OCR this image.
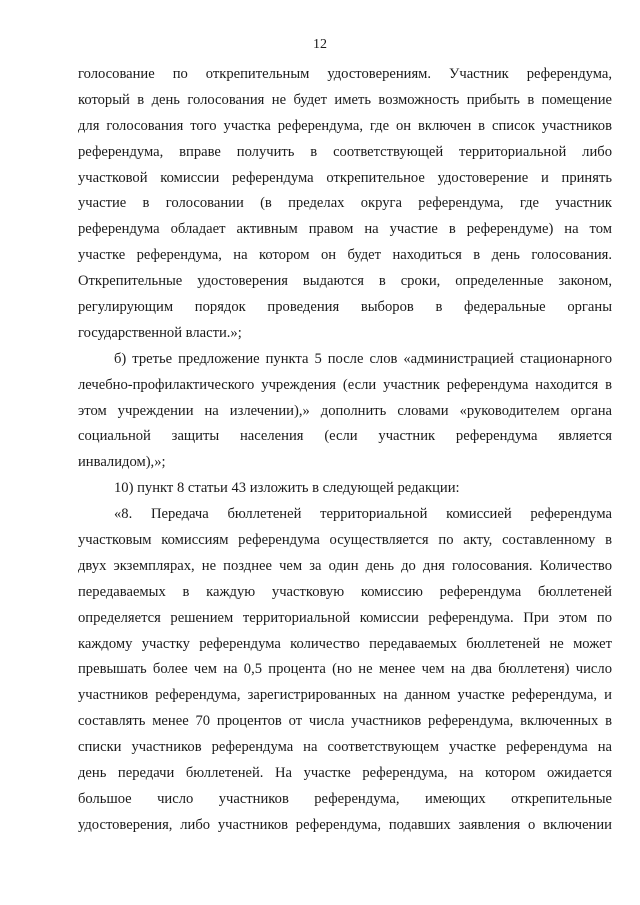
12
голосование по открепительным удостоверениям. Участник референдума,
который в день голосования не будет иметь возможность прибыть в помещение
для голосования того участка референдума, где он включен в список участников
референдума, вправе получить в соответствующей территориальной либо
участковой комиссии референдума открепительное удостоверение и принять
участие в голосовании (в пределах округа референдума, где участник
референдума обладает активным правом на участие в референдуме) на том
участке референдума, на котором он будет находиться в день голосования.
Открепительные удостоверения выдаются в сроки, определенные законом,
регулирующим порядок проведения выборов в федеральные органы
государственной власти.»;
б) третье предложение пункта 5 после слов «администрацией стационарного
лечебно-профилактического учреждения (если участник референдума находится в
этом учреждении на излечении),» дополнить словами «руководителем органа
социальной защиты населения (если участник референдума является
инвалидом),»;
10) пункт 8 статьи 43 изложить в следующей редакции:
«8. Передача бюллетеней территориальной комиссией референдума
участковым комиссиям референдума осуществляется по акту, составленному в
двух экземплярах, не позднее чем за один день до дня голосования. Количество
передаваемых в каждую участковую комиссию референдума бюллетеней
определяется решением территориальной комиссии референдума. При этом по
каждому участку референдума количество передаваемых бюллетеней не может
превышать более чем на 0,5 процента (но не менее чем на два бюллетеня) число
участников референдума, зарегистрированных на данном участке референдума, и
составлять менее 70 процентов от числа участников референдума, включенных в
списки участников референдума на соответствующем участке референдума на
день передачи бюллетеней. На участке референдума, на котором ожидается
большое число участников референдума, имеющих открепительные
удостоверения, либо участников референдума, подавших заявления о включении
